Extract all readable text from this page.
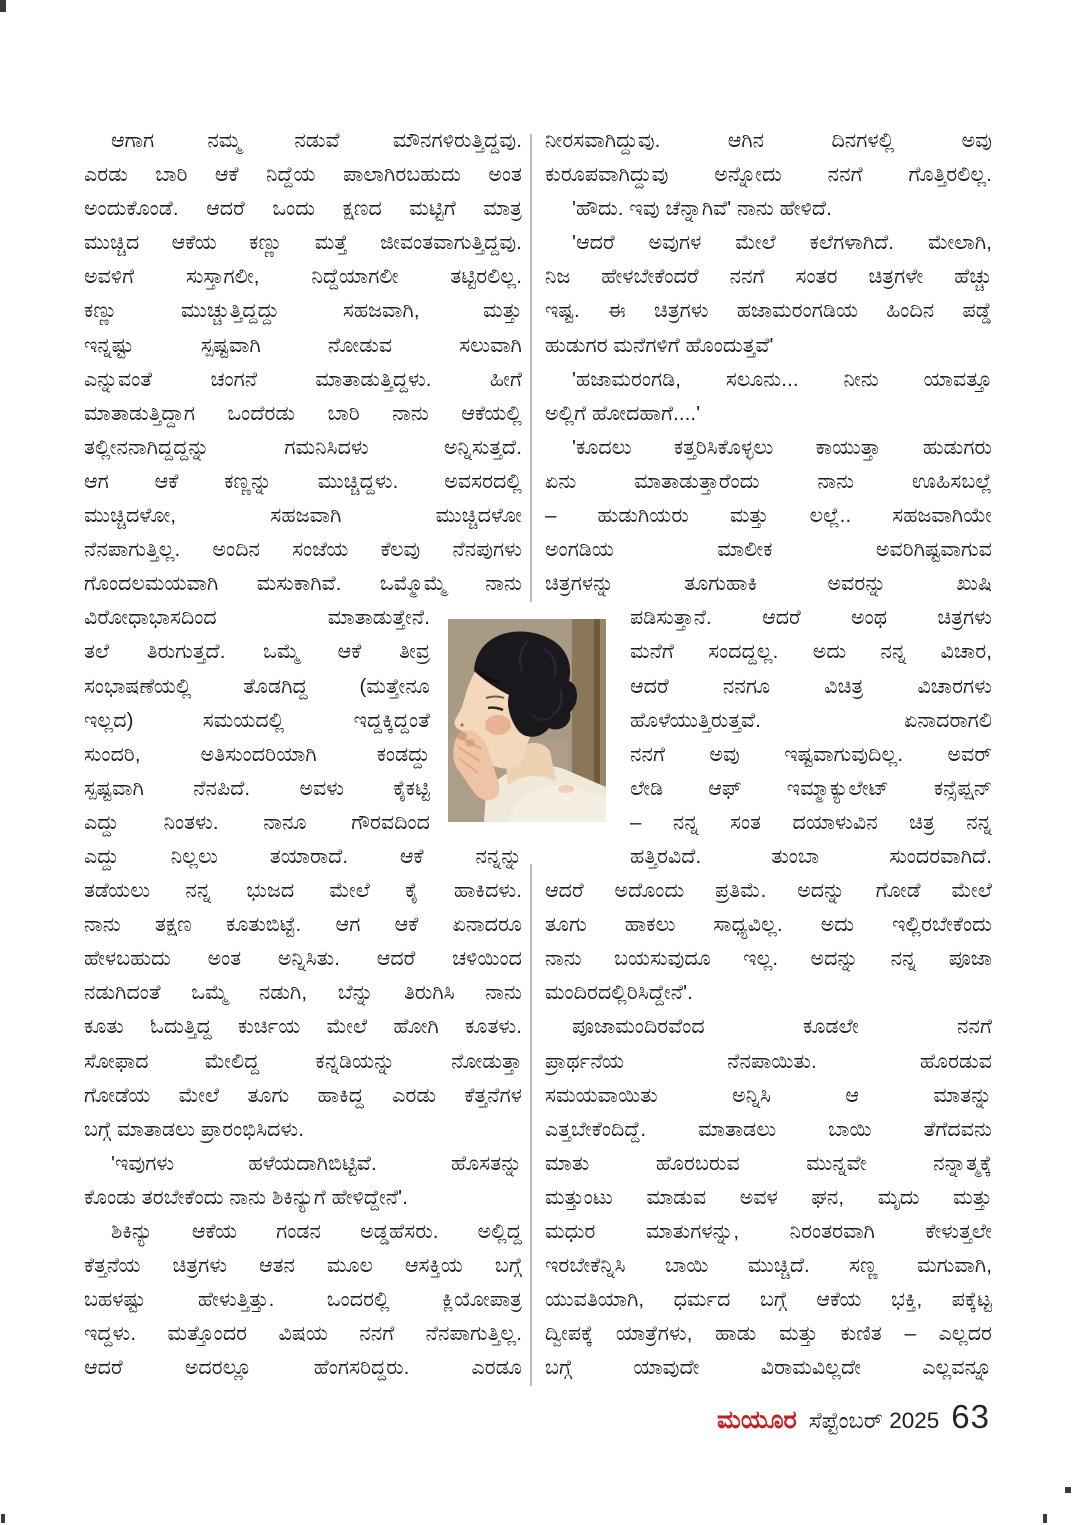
ಆಗಾಗ ನಮ್ಮ ನಡುವೆ ಮೌನಗಳಿರುತ್ತಿದ್ದವು.
ಎರಡು ಬಾರಿ ಆಕೆ ನಿದ್ದೆಯ ಪಾಲಾಗಿರಬಹುದು ಅಂತ
ಅಂದುಕೊಂಡೆ. ಆದರೆ ಒಂದು ಕ್ಷಣದ ಮಟ್ಟಿಗೆ ಮಾತ್ರ
ಮುಚ್ಚಿದ ಆಕೆಯ ಕಣ್ಣು ಮತ್ತೆ ಜೀವಂತವಾಗುತ್ತಿದ್ದವು.
ಅವಳಿಗೆ ಸುಸ್ತಾಗಲೀ, ನಿದ್ದೆಯಾಗಲೀ ತಟ್ಟಿರಲಿಲ್ಲ.
ಕಣ್ಣು ಮುಚ್ಚುತ್ತಿದ್ದದ್ದು ಸಹಜವಾಗಿ, ಮತ್ತು
ಇನ್ನಷ್ಟು ಸ್ಪಷ್ಟವಾಗಿ ನೋಡುವ ಸಲುವಾಗಿ
ಎನ್ನುವಂತೆ ಚಂಗನೆ ಮಾತಾಡುತ್ತಿದ್ದಳು. ಹೀಗೆ
ಮಾತಾಡುತ್ತಿದ್ದಾಗ ಒಂದೆರಡು ಬಾರಿ ನಾನು ಆಕೆಯಲ್ಲಿ
ತಲ್ಲೀನನಾಗಿದ್ದದ್ದನ್ನು ಗಮನಿಸಿದಳು ಅನ್ನಿಸುತ್ತದೆ.
ಆಗ ಆಕೆ ಕಣ್ಣನ್ನು ಮುಚ್ಚಿದ್ದಳು. ಅವಸರದಲ್ಲಿ
ಮುಚ್ಚಿದಳೋ, ಸಹಜವಾಗಿ ಮುಚ್ಚಿದಳೋ
ನೆನಪಾಗುತ್ತಿಲ್ಲ. ಅಂದಿನ ಸಂಜೆಯ ಕೆಲವು ನೆನಪುಗಳು
ಗೊಂದಲಮಯವಾಗಿ ಮಸುಕಾಗಿವೆ. ಒಮ್ಮೊಮ್ಮೆ ನಾನು
ವಿರೋಧಾಭಾಸದಿಂದ ಮಾತಾಡುತ್ತೇನೆ.
ತಲೆ ತಿರುಗುತ್ತದೆ. ಒಮ್ಮೆ ಆಕೆ ತೀವ್ರ
ಸಂಭಾಷಣೆಯಲ್ಲಿ ತೊಡಗಿದ್ದ (ಮತ್ತೇನೂ
ಇಲ್ಲದ) ಸಮಯದಲ್ಲಿ ಇದ್ದಕ್ಕಿದ್ದಂತೆ
ಸುಂದರಿ, ಅತಿಸುಂದರಿಯಾಗಿ ಕಂಡದ್ದು
ಸ್ಪಷ್ಟವಾಗಿ ನೆನಪಿದೆ. ಅವಳು ಕೈಕಟ್ಟಿ
ಎದ್ದು ನಿಂತಳು. ನಾನೂ ಗೌರವದಿಂದ
ಎದ್ದು ನಿಲ್ಲಲು ತಯಾರಾದೆ. ಆಕೆ ನನ್ನನ್ನು
ತಡೆಯಲು ನನ್ನ ಭುಜದ ಮೇಲೆ ಕೈ ಹಾಕಿದಳು.
ನಾನು ತಕ್ಷಣ ಕೂತುಬಿಟ್ಟೆ. ಆಗ ಆಕೆ ಏನಾದರೂ
ಹೇಳಬಹುದು ಅಂತ ಅನ್ನಿಸಿತು. ಆದರೆ ಚಳಿಯಿಂದ
ನಡುಗಿದಂತೆ ಒಮ್ಮೆ ನಡುಗಿ, ಬೆನ್ನು ತಿರುಗಿಸಿ ನಾನು
ಕೂತು ಓದುತ್ತಿದ್ದ ಕುರ್ಚಿಯ ಮೇಲೆ ಹೋಗಿ ಕೂತಳು.
ಸೋಫಾದ ಮೇಲಿದ್ದ ಕನ್ನಡಿಯನ್ನು ನೋಡುತ್ತಾ
ಗೋಡೆಯ ಮೇಲೆ ತೂಗು ಹಾಕಿದ್ದ ಎರಡು ಕೆತ್ತನೆಗಳ
ಬಗ್ಗೆ ಮಾತಾಡಲು ಪ್ರಾರಂಭಿಸಿದಳು.
'ಇವುಗಳು ಹಳೆಯದಾಗಿಬಿಟ್ಟಿವೆ. ಹೊಸತನ್ನು
ಕೊಂಡು ತರಬೇಕೆಂದು ನಾನು ಶಿಕಿನ್ಯುಗೆ ಹೇಳಿದ್ದೇನೆ'.
ಶಿಕಿನ್ಯು ಆಕೆಯ ಗಂಡನ ಅಡ್ಡಹೆಸರು. ಅಲ್ಲಿದ್ದ
ಕೆತ್ತನೆಯ ಚಿತ್ರಗಳು ಆತನ ಮೂಲ ಆಸಕ್ತಿಯ ಬಗ್ಗೆ
ಬಹಳಷ್ಟು ಹೇಳುತ್ತಿತ್ತು. ಒಂದರಲ್ಲಿ ಕ್ಲಿಯೋಪಾತ್ರ
ಇದ್ದಳು. ಮತ್ತೊಂದರ ವಿಷಯ ನನಗೆ ನೆನಪಾಗುತ್ತಿಲ್ಲ.
ಆದರೆ ಅದರಲ್ಲೂ ಹೆಂಗಸರಿದ್ದರು. ಎರಡೂ
ನೀರಸವಾಗಿದ್ದುವು. ಆಗಿನ ದಿನಗಳಲ್ಲಿ ಅವು
ಕುರೂಪವಾಗಿದ್ದುವು ಅನ್ನೋದು ನನಗೆ ಗೊತ್ತಿರಲಿಲ್ಲ.
'ಹೌದು. ಇವು ಚೆನ್ನಾಗಿವೆ' ನಾನು ಹೇಳಿದೆ.
'ಆದರೆ ಅವುಗಳ ಮೇಲೆ ಕಲೆಗಳಾಗಿದೆ. ಮೇಲಾಗಿ,
ನಿಜ ಹೇಳಬೇಕೆಂದರೆ ನನಗೆ ಸಂತರ ಚಿತ್ರಗಳೇ ಹೆಚ್ಚು
ಇಷ್ಟ. ಈ ಚಿತ್ರಗಳು ಹಜಾಮರಂಗಡಿಯ ಹಿಂದಿನ ಪಡ್ಡೆ
ಹುಡುಗರ ಮನೆಗಳಿಗೆ ಹೊಂದುತ್ತವೆ'
'ಹಜಾಮರಂಗಡಿ, ಸಲೂನು... ನೀನು ಯಾವತ್ತೂ
ಅಲ್ಲಿಗೆ ಹೋದಹಾಗೆ....'
'ಕೂದಲು ಕತ್ತರಿಸಿಕೊಳ್ಳಲು ಕಾಯುತ್ತಾ ಹುಡುಗರು
ಏನು ಮಾತಾಡುತ್ತಾರೆಂದು ನಾನು ಊಹಿಸಬಲ್ಲೆ
– ಹುಡುಗಿಯರು ಮತ್ತು ಲಲ್ಲೆ.. ಸಹಜವಾಗಿಯೇ
ಅಂಗಡಿಯ ಮಾಲೀಕ ಅವರಿಗಿಷ್ಟವಾಗುವ
ಚಿತ್ರಗಳನ್ನು ತೂಗುಹಾಕಿ ಅವರನ್ನು ಖುಷಿ
ಪಡಿಸುತ್ತಾನೆ. ಆದರೆ ಅಂಥ ಚಿತ್ರಗಳು
ಮನೆಗೆ ಸಂದದ್ದಲ್ಲ. ಅದು ನನ್ನ ವಿಚಾರ,
ಆದರೆ ನನಗೂ ವಿಚಿತ್ರ ವಿಚಾರಗಳು
ಹೊಳೆಯುತ್ತಿರುತ್ತವೆ. ಏನಾದರಾಗಲಿ
ನನಗೆ ಅವು ಇಷ್ಟವಾಗುವುದಿಲ್ಲ. ಅವರ್
ಲೇಡಿ ಆಫ್ ಇಮ್ಮಾಕ್ಯುಲೇಟ್ ಕನ್ಸೆಪ್ಷನ್
– ನನ್ನ ಸಂತ ದಯಾಳುವಿನ ಚಿತ್ರ ನನ್ನ
ಹತ್ತಿರವಿದೆ. ತುಂಬಾ ಸುಂದರವಾಗಿದೆ.
ಆದರೆ ಅದೊಂದು ಪ್ರತಿಮೆ. ಅದನ್ನು ಗೋಡೆ ಮೇಲೆ
ತೂಗು ಹಾಕಲು ಸಾಧ್ಯವಿಲ್ಲ. ಅದು ಇಲ್ಲಿರಬೇಕೆಂದು
ನಾನು ಬಯಸುವುದೂ ಇಲ್ಲ. ಅದನ್ನು ನನ್ನ ಪೂಜಾ
ಮಂದಿರದಲ್ಲಿರಿಸಿದ್ದೇನೆ'.
ಪೂಜಾಮಂದಿರವೆಂದ ಕೂಡಲೇ ನನಗೆ
ಪ್ರಾರ್ಥನೆಯ ನೆನಪಾಯಿತು. ಹೊರಡುವ
ಸಮಯವಾಯಿತು ಅನ್ನಿಸಿ ಆ ಮಾತನ್ನು
ಎತ್ತಬೇಕೆಂದಿದ್ದೆ. ಮಾತಾಡಲು ಬಾಯಿ ತೆಗೆದವನು
ಮಾತು ಹೊರಬರುವ ಮುನ್ನವೇ ನನ್ನಾತ್ಮಕ್ಕೆ
ಮತ್ತುಂಟು ಮಾಡುವ ಅವಳ ಘನ, ಮೃದು ಮತ್ತು
ಮಧುರ ಮಾತುಗಳನ್ನು, ನಿರಂತರವಾಗಿ ಕೇಳುತ್ತಲೇ
ಇರಬೇಕೆನ್ನಿಸಿ ಬಾಯಿ ಮುಚ್ಚಿದೆ. ಸಣ್ಣ ಮಗುವಾಗಿ,
ಯುವತಿಯಾಗಿ, ಧರ್ಮದ ಬಗ್ಗೆ ಆಕೆಯ ಭಕ್ತಿ, ಪಕ್ಕೆಟ್ಟ
ದ್ವೀಪಕ್ಕೆ ಯಾತ್ರೆಗಳು, ಹಾಡು ಮತ್ತು ಕುಣಿತ – ಎಲ್ಲದರ
ಬಗ್ಗೆ ಯಾವುದೇ ವಿರಾಮವಿಲ್ಲದೇ ಎಲ್ಲವನ್ನೂ
ಮಯೂರ ಸೆಪ್ಟೆಂಬರ್ 2025 63
